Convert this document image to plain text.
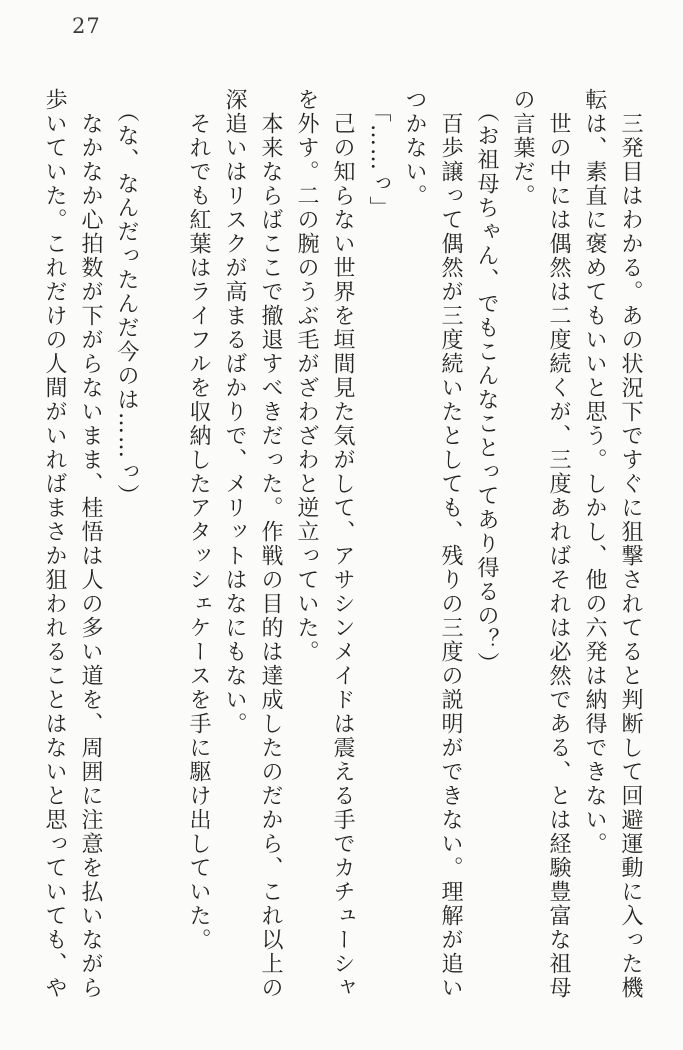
27
三発目はわかる。あの状況下ですぐに狙撃されてると判断して回避運動に入った機
転は、素直に褒めてもいいと思う。しかし、他の六発は納得できない。
世の中には偶然は二度続くが、三度あればそれは必然である、とは経験豊富な祖母
の言葉だ。
（お祖母ちゃん、でもこんなことってあり得るの？）
百歩譲って偶然が三度続いたとしても、残りの三度の説明ができない。理解が追い
つかない。
「……っ」
己の知らない世界を垣間見た気がして、アサシンメイドは震える手でカチューシャ
を外す。二の腕のうぶ毛がざわざわと逆立っていた。
本来ならばここで撤退すべきだった。作戦の目的は達成したのだから、これ以上の
深追いはリスクが高まるばかりで、メリットはなにもない。
それでも紅葉はライフルを収納したアタッシェケースを手に駆け出していた。
（な、なんだったんだ今のは……っ）
なかなか心拍数が下がらないまま、桂悟は人の多い道を、周囲に注意を払いながら
歩いていた。これだけの人間がいればまさか狙われることはないと思っていても、や
